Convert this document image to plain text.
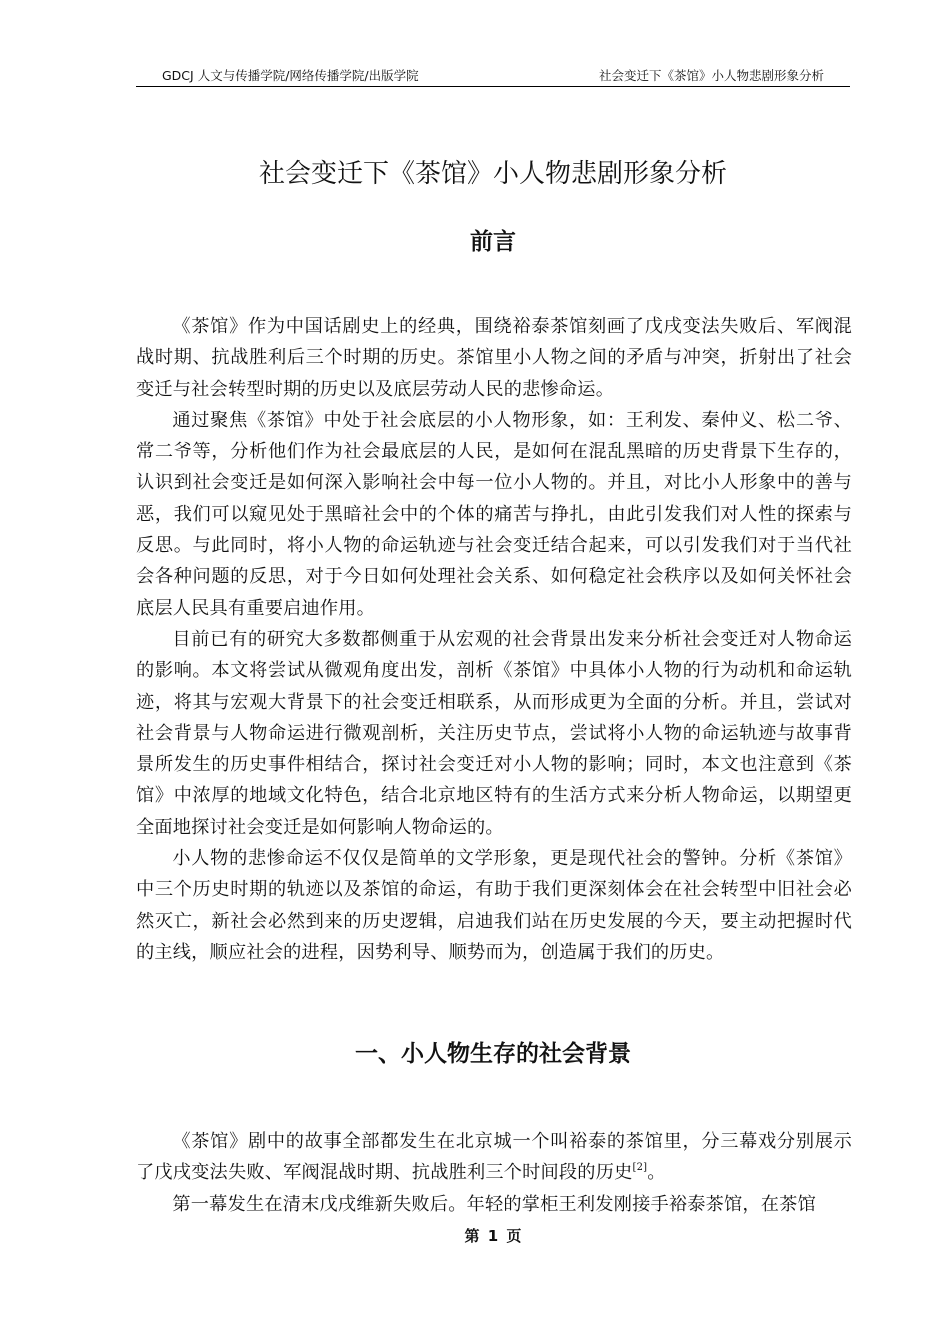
GDCJ 人文与传播学院/网络传播学院/出版学院	社会变迁下《茶馆》小人物悲剧形象分析
社会变迁下《茶馆》小人物悲剧形象分析
前言

《茶馆》作为中国话剧史上的经典，围绕裕泰茶馆刻画了戊戌变法失败后、军阀混战时期、抗战胜利后三个时期的历史。茶馆里小人物之间的矛盾与冲突，折射出了社会变迁与社会转型时期的历史以及底层劳动人民的悲惨命运。

通过聚焦《茶馆》中处于社会底层的小人物形象，如：王利发、秦仲义、松二爷、常二爷等，分析他们作为社会最底层的人民，是如何在混乱黑暗的历史背景下生存的，认识到社会变迁是如何深入影响社会中每一位小人物的。并且，对比小人形象中的善与恶，我们可以窥见处于黑暗社会中的个体的痛苦与挣扎，由此引发我们对人性的探索与反思。与此同时，将小人物的命运轨迹与社会变迁结合起来，可以引发我们对于当代社会各种问题的反思，对于今日如何处理社会关系、如何稳定社会秩序以及如何关怀社会底层人民具有重要启迪作用。

目前已有的研究大多数都侧重于从宏观的社会背景出发来分析社会变迁对人物命运的影响。本文将尝试从微观角度出发，剖析《茶馆》中具体小人物的行为动机和命运轨迹，将其与宏观大背景下的社会变迁相联系，从而形成更为全面的分析。并且，尝试对社会背景与人物命运进行微观剖析，关注历史节点，尝试将小人物的命运轨迹与故事背景所发生的历史事件相结合，探讨社会变迁对小人物的影响；同时，本文也注意到《茶馆》中浓厚的地域文化特色，结合北京地区特有的生活方式来分析人物命运，以期望更全面地探讨社会变迁是如何影响人物命运的。

小人物的悲惨命运不仅仅是简单的文学形象，更是现代社会的警钟。分析《茶馆》中三个历史时期的轨迹以及茶馆的命运，有助于我们更深刻体会在社会转型中旧社会必然灭亡，新社会必然到来的历史逻辑，启迪我们站在历史发展的今天，要主动把握时代的主线，顺应社会的进程，因势利导、顺势而为，创造属于我们的历史。

一、小人物生存的社会背景

《茶馆》剧中的故事全部都发生在北京城一个叫裕泰的茶馆里，分三幕戏分别展示了戊戌变法失败、军阀混战时期、抗战胜利三个时间段的历史[2]。

第一幕发生在清末戊戌维新失败后。年轻的掌柜王利发刚接手裕泰茶馆，在茶馆

第 1 页
